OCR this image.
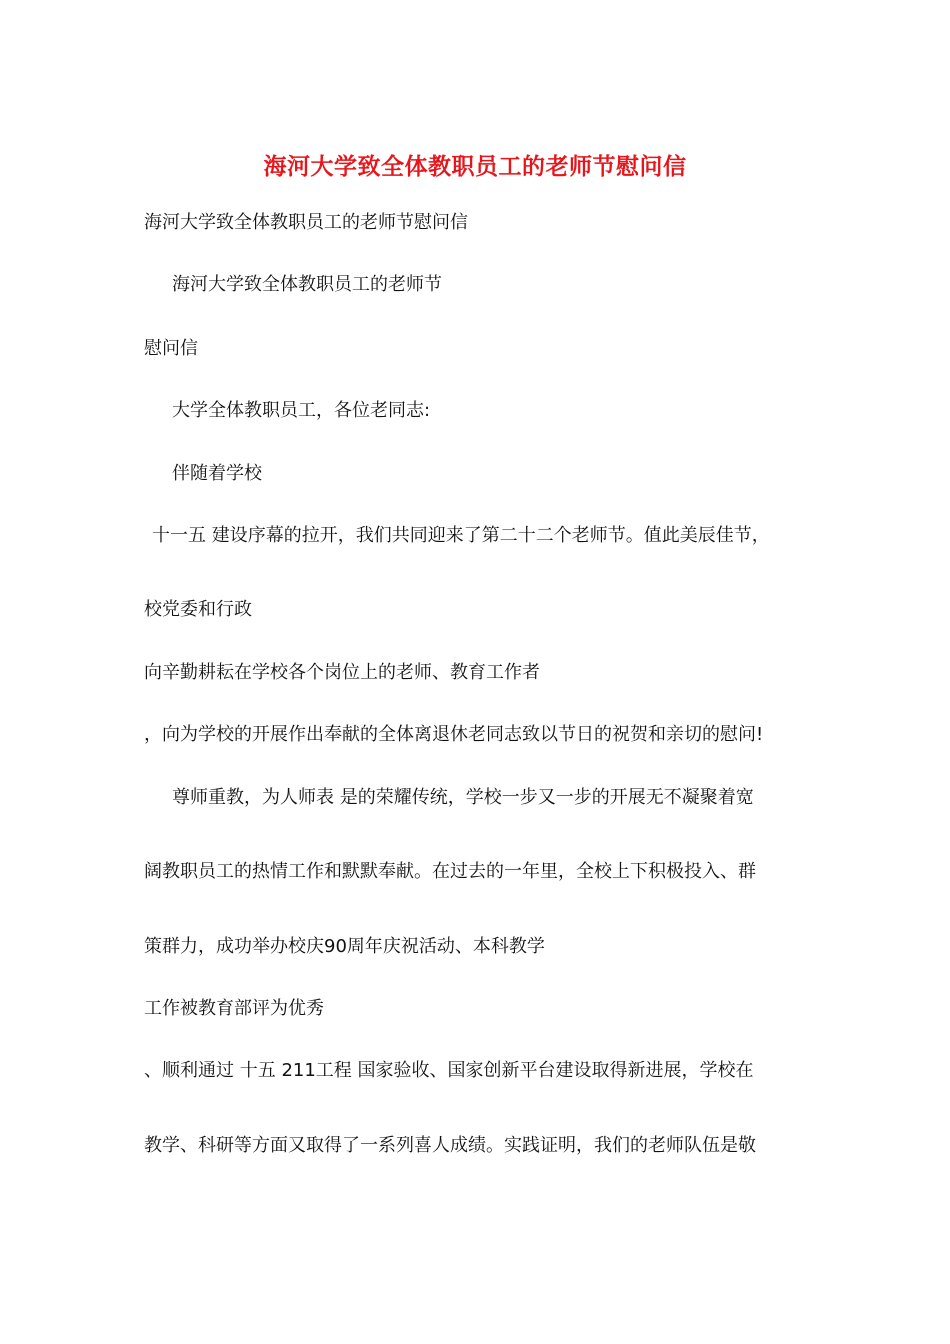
海河大学致全体教职员工的老师节慰问信
海河大学致全体教职员工的老师节慰问信
海河大学致全体教职员工的老师节
慰问信
大学全体教职员工，各位老同志:
伴随着学校
十一五 建设序幕的拉开，我们共同迎来了第二十二个老师节。值此美辰佳节，
校党委和行政
向辛勤耕耘在学校各个岗位上的老师、教育工作者
，向为学校的开展作出奉献的全体离退休老同志致以节日的祝贺和亲切的慰问!
尊师重教，为人师表 是的荣耀传统，学校一步又一步的开展无不凝聚着宽
阔教职员工的热情工作和默默奉献。在过去的一年里，全校上下积极投入、群
策群力，成功举办校庆90周年庆祝活动、本科教学
工作被教育部评为优秀
、顺利通过 十五 211工程 国家验收、国家创新平台建设取得新进展，学校在
教学、科研等方面又取得了一系列喜人成绩。实践证明，我们的老师队伍是敬
